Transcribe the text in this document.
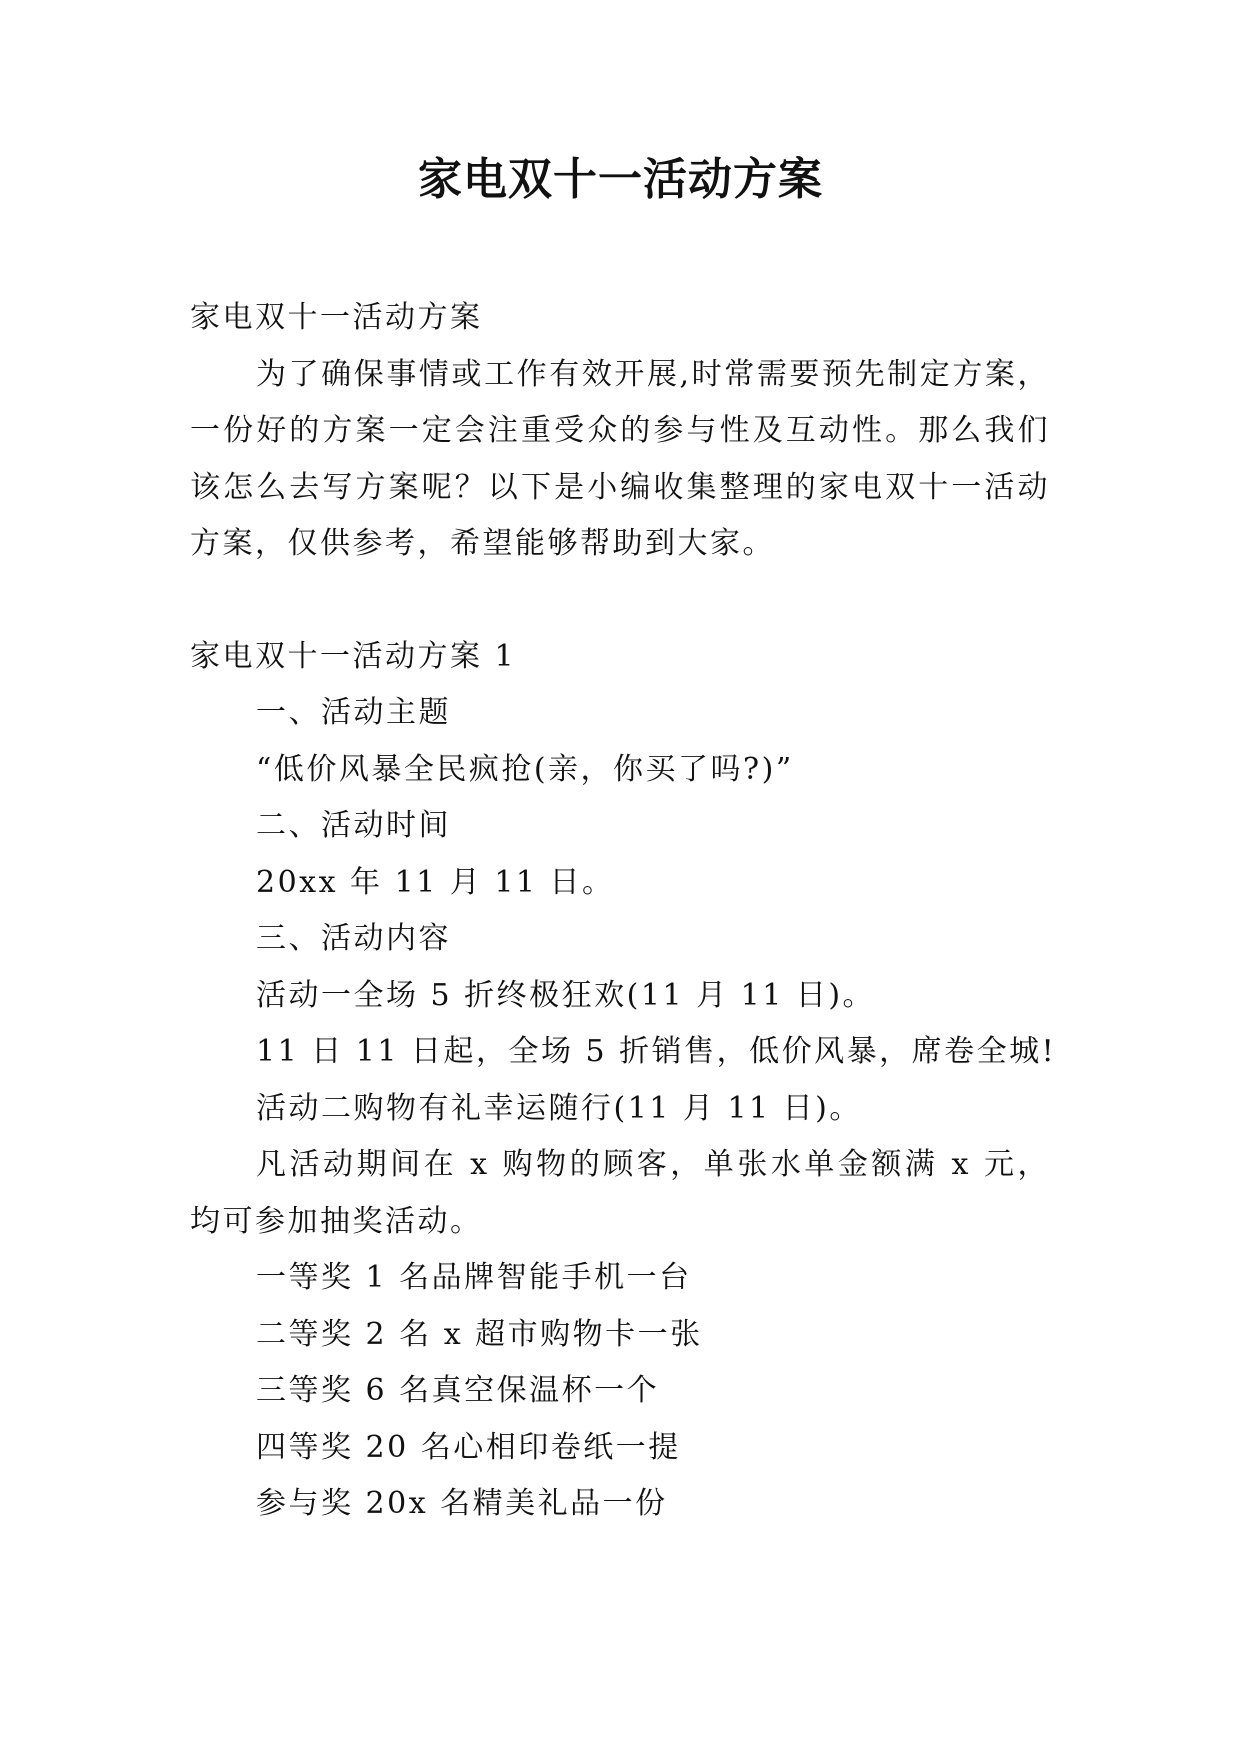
家电双十一活动方案

家电双十一活动方案

为了确保事情或工作有效开展,时常需要预先制定方案，一份好的方案一定会注重受众的参与性及互动性。那么我们该怎么去写方案呢？以下是小编收集整理的家电双十一活动方案，仅供参考，希望能够帮助到大家。

家电双十一活动方案 1

一、活动主题

“低价风暴全民疯抢(亲，你买了吗?)”

二、活动时间

20xx 年 11 月 11 日。

三、活动内容

活动一全场 5 折终极狂欢(11 月 11 日)。

11 日 11 日起，全场 5 折销售，低价风暴，席卷全城!

活动二购物有礼幸运随行(11 月 11 日)。

凡活动期间在 x 购物的顾客，单张水单金额满 x 元，均可参加抽奖活动。

一等奖 1 名品牌智能手机一台

二等奖 2 名 x 超市购物卡一张

三等奖 6 名真空保温杯一个

四等奖 20 名心相印卷纸一提

参与奖 20x 名精美礼品一份
